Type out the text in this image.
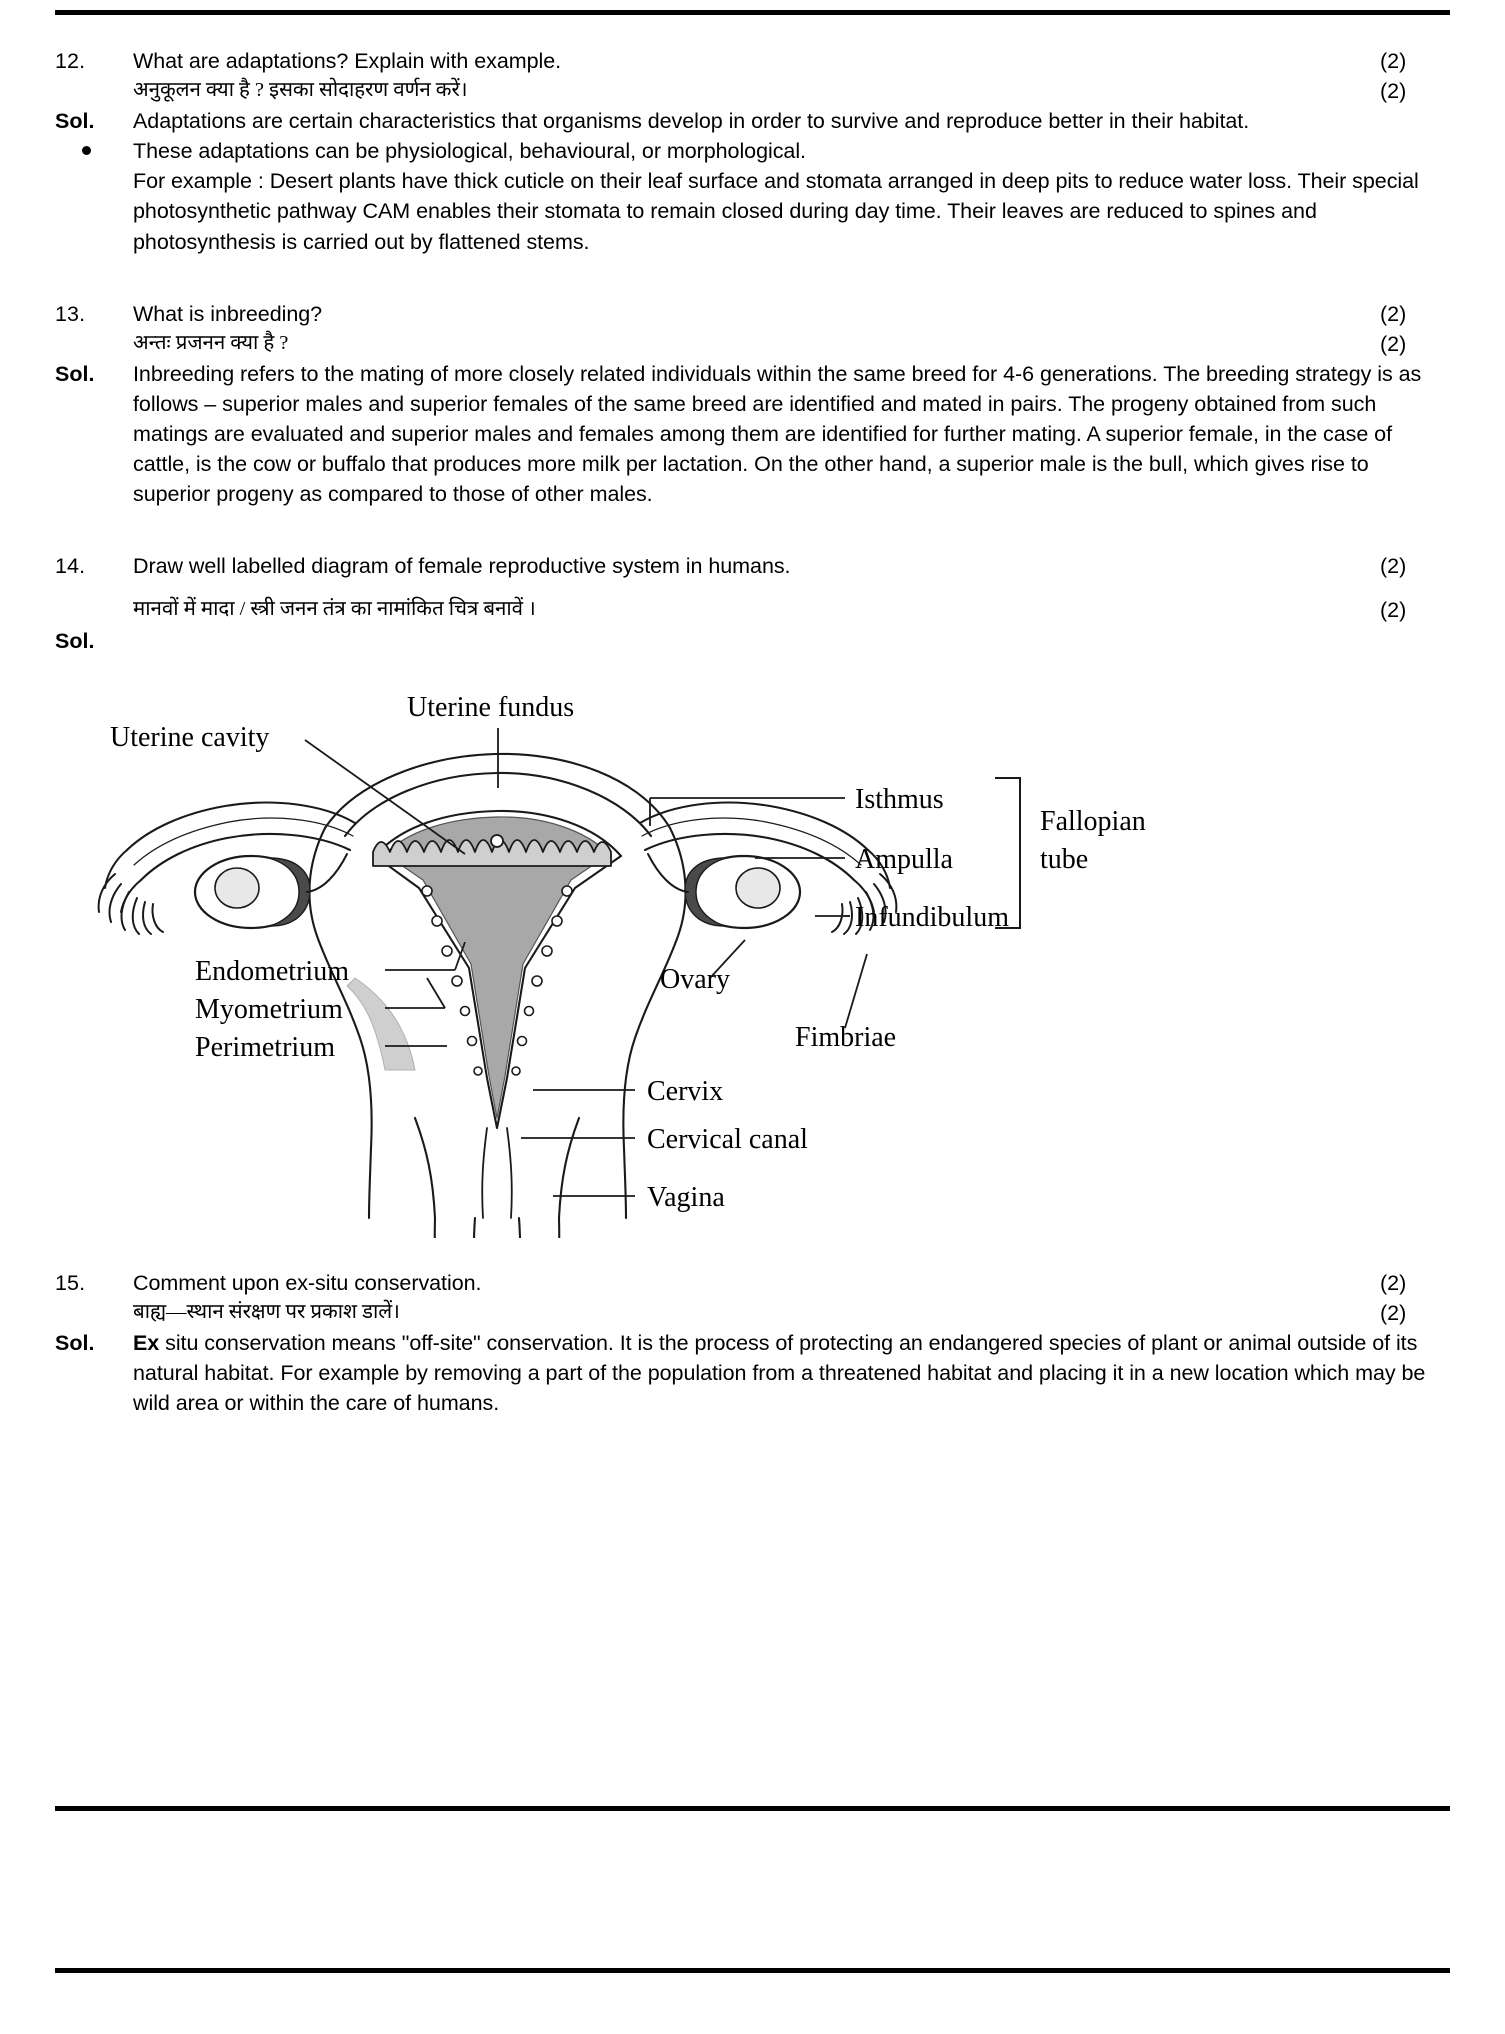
12.	What are adaptations? Explain with example.	(2)
अनुकूलन क्या है ? इसका सोदाहरण वर्णन करें।	(2)
Sol.	Adaptations are certain characteristics that organisms develop in order to survive and reproduce better in their habitat.
These adaptations can be physiological, behavioural, or morphological.
For example : Desert plants have thick cuticle on their leaf surface and stomata arranged in deep pits to reduce water loss. Their special photosynthetic pathway CAM enables their stomata to remain closed during day time. Their leaves are reduced to spines and photosynthesis is carried out by flattened stems.
13.	What is inbreeding?	(2)
अन्तः प्रजनन क्या है ?	(2)
Sol.	Inbreeding refers to the mating of more closely related individuals within the same breed for 4-6 generations. The breeding strategy is as follows – superior males and superior females of the same breed are identified and mated in pairs. The progeny obtained from such matings are evaluated and superior males and females among them are identified for further mating. A superior female, in the case of cattle, is the cow or buffalo that produces more milk per lactation. On the other hand, a superior male is the bull, which gives rise to superior progeny as compared to those of other males.
14.	Draw well labelled diagram of female reproductive system in humans.	(2)
मानवों में मादा / स्त्री जनन तंत्र का नामांकित चित्र बनावें ।	(2)
Sol.
Uterine fundus
Uterine cavity
Isthmus
Ampulla
Infundibulum
Fallopian
tube
Endometrium
Myometrium
Perimetrium
Ovary
Fimbriae
Cervix
Cervical canal
Vagina
15.	Comment upon ex-situ conservation.	(2)
बाह्य—स्थान संरक्षण पर प्रकाश डालें।	(2)
Sol.	Ex situ conservation means "off-site" conservation. It is the process of protecting an endangered species of plant or animal outside of its natural habitat. For example by removing a part of the population from a threatened habitat and placing it in a new location which may be wild area or within the care of humans.
